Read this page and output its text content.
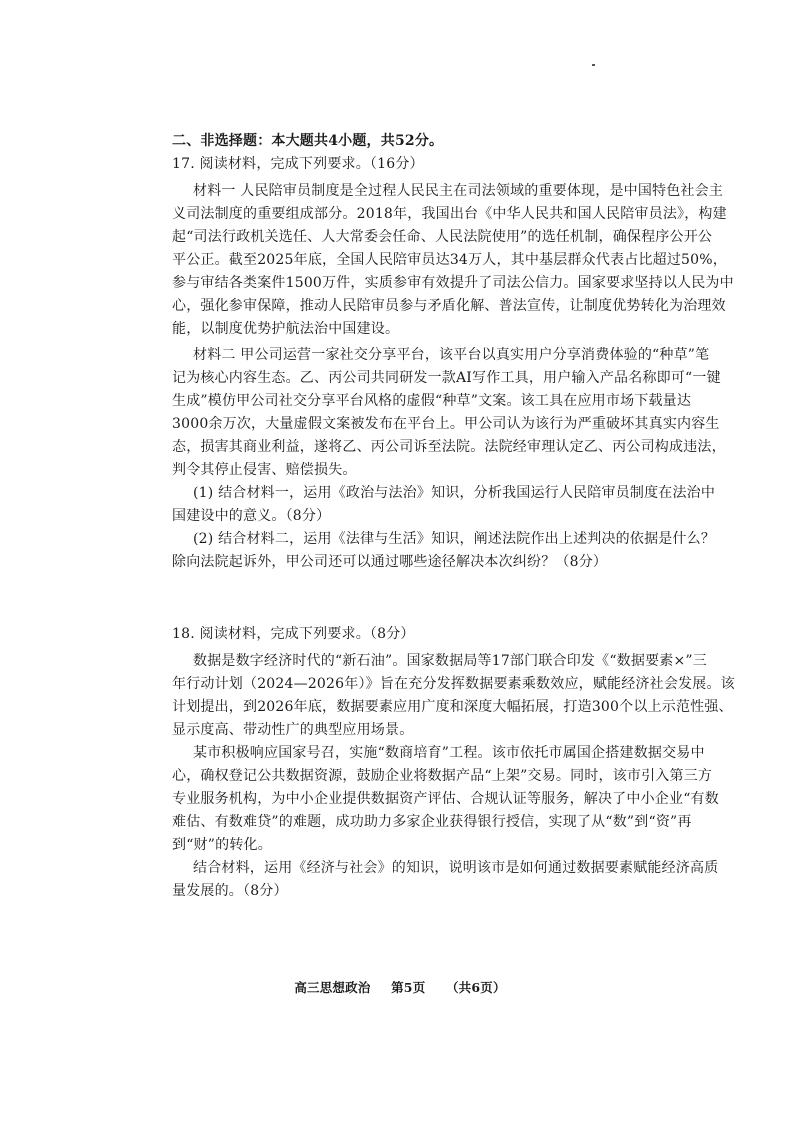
二、非选择题：本大题共4小题，共52分。
17. 阅读材料，完成下列要求。（16分）
材料一 人民陪审员制度是全过程人民民主在司法领域的重要体现，是中国特色社会主
义司法制度的重要组成部分。2018年，我国出台《中华人民共和国人民陪审员法》，构建
起“司法行政机关选任、人大常委会任命、人民法院使用”的选任机制，确保程序公开公
平公正。截至2025年底，全国人民陪审员达34万人，其中基层群众代表占比超过50%，
参与审结各类案件1500万件，实质参审有效提升了司法公信力。国家要求坚持以人民为中
心，强化参审保障，推动人民陪审员参与矛盾化解、普法宣传，让制度优势转化为治理效
能，以制度优势护航法治中国建设。
材料二 甲公司运营一家社交分享平台，该平台以真实用户分享消费体验的“种草”笔
记为核心内容生态。乙、丙公司共同研发一款AI写作工具，用户输入产品名称即可“一键
生成”模仿甲公司社交分享平台风格的虚假“种草”文案。该工具在应用市场下载量达
3000余万次，大量虚假文案被发布在平台上。甲公司认为该行为严重破坏其真实内容生
态，损害其商业利益，遂将乙、丙公司诉至法院。法院经审理认定乙、丙公司构成违法，
判令其停止侵害、赔偿损失。
(1) 结合材料一，运用《政治与法治》知识，分析我国运行人民陪审员制度在法治中
国建设中的意义。（8分）
(2) 结合材料二，运用《法律与生活》知识，阐述法院作出上述判决的依据是什么？
除向法院起诉外，甲公司还可以通过哪些途径解决本次纠纷？（8分）
18. 阅读材料，完成下列要求。（8分）
数据是数字经济时代的“新石油”。国家数据局等17部门联合印发《“数据要素×”三
年行动计划（2024—2026年）》旨在充分发挥数据要素乘数效应，赋能经济社会发展。该
计划提出，到2026年底，数据要素应用广度和深度大幅拓展，打造300个以上示范性强、
显示度高、带动性广的典型应用场景。
某市积极响应国家号召，实施“数商培育”工程。该市依托市属国企搭建数据交易中
心，确权登记公共数据资源，鼓励企业将数据产品“上架”交易。同时，该市引入第三方
专业服务机构，为中小企业提供数据资产评估、合规认证等服务，解决了中小企业“有数
难估、有数难贷”的难题，成功助力多家企业获得银行授信，实现了从“数”到“资”再
到“财”的转化。
结合材料，运用《经济与社会》的知识，说明该市是如何通过数据要素赋能经济高质
量发展的。（8分）
高三思想政治 第5页 （共6页）
